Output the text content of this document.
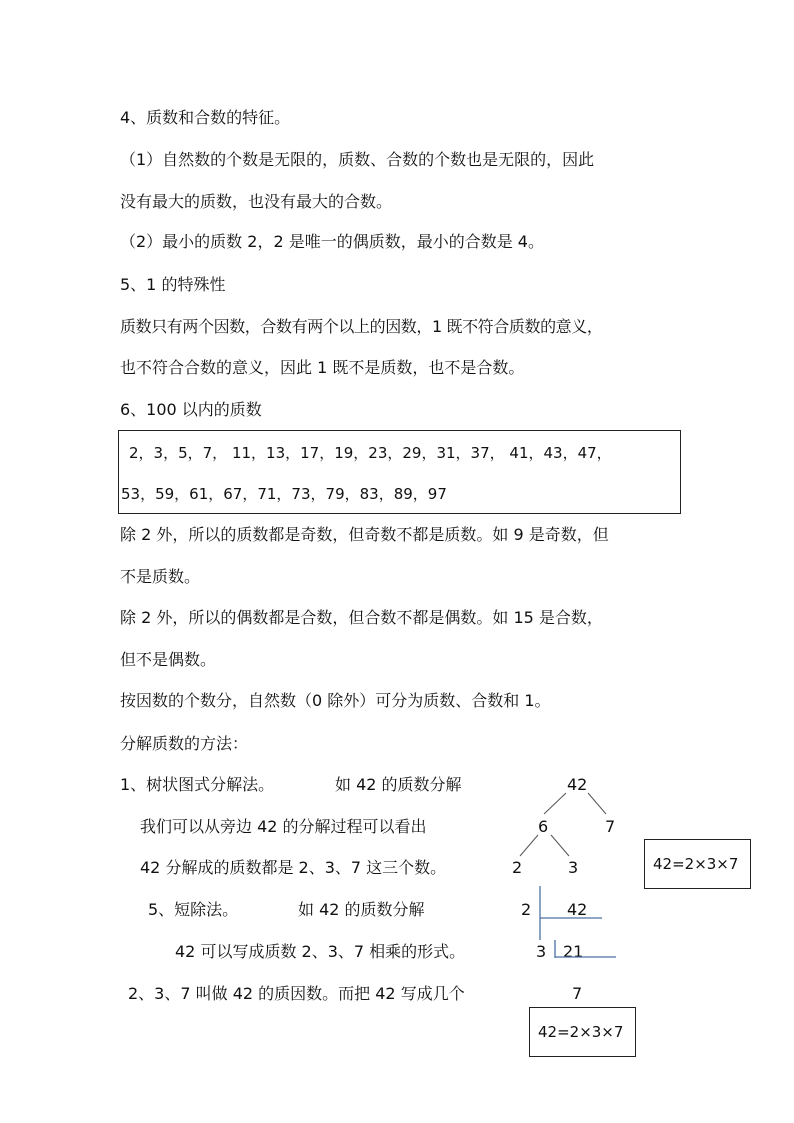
4、质数和合数的特征。
（1）自然数的个数是无限的，质数、合数的个数也是无限的，因此
没有最大的质数，也没有最大的合数。
（2）最小的质数 2，2 是唯一的偶质数，最小的合数是 4。
5、1 的特殊性
质数只有两个因数，合数有两个以上的因数，1 既不符合质数的意义，
也不符合合数的意义，因此 1 既不是质数，也不是合数。
6、100 以内的质数
2，3，5，7， 11，13，17，19，23，29，31，37， 41，43，47，
53，59，61，67，71，73，79，83，89，97
除 2 外，所以的质数都是奇数，但奇数不都是质数。如 9 是奇数，但
不是质数。
除 2 外，所以的偶数都是合数，但合数不都是偶数。如 15 是合数，
但不是偶数。
按因数的个数分，自然数（0 除外）可分为质数、合数和 1。
分解质数的方法：
1、树状图式分解法。	如 42 的质数分解
我们可以从旁边 42 的分解过程可以看出
42 分解成的质数都是 2、3、7 这三个数。
5、短除法。	如 42 的质数分解
42 可以写成质数 2、3、7 相乘的形式。
2、3、7 叫做 42 的质因数。而把 42 写成几个
42
6	7
2	3	42=2×3×7
2 42
3 21
7
42=2×3×7
